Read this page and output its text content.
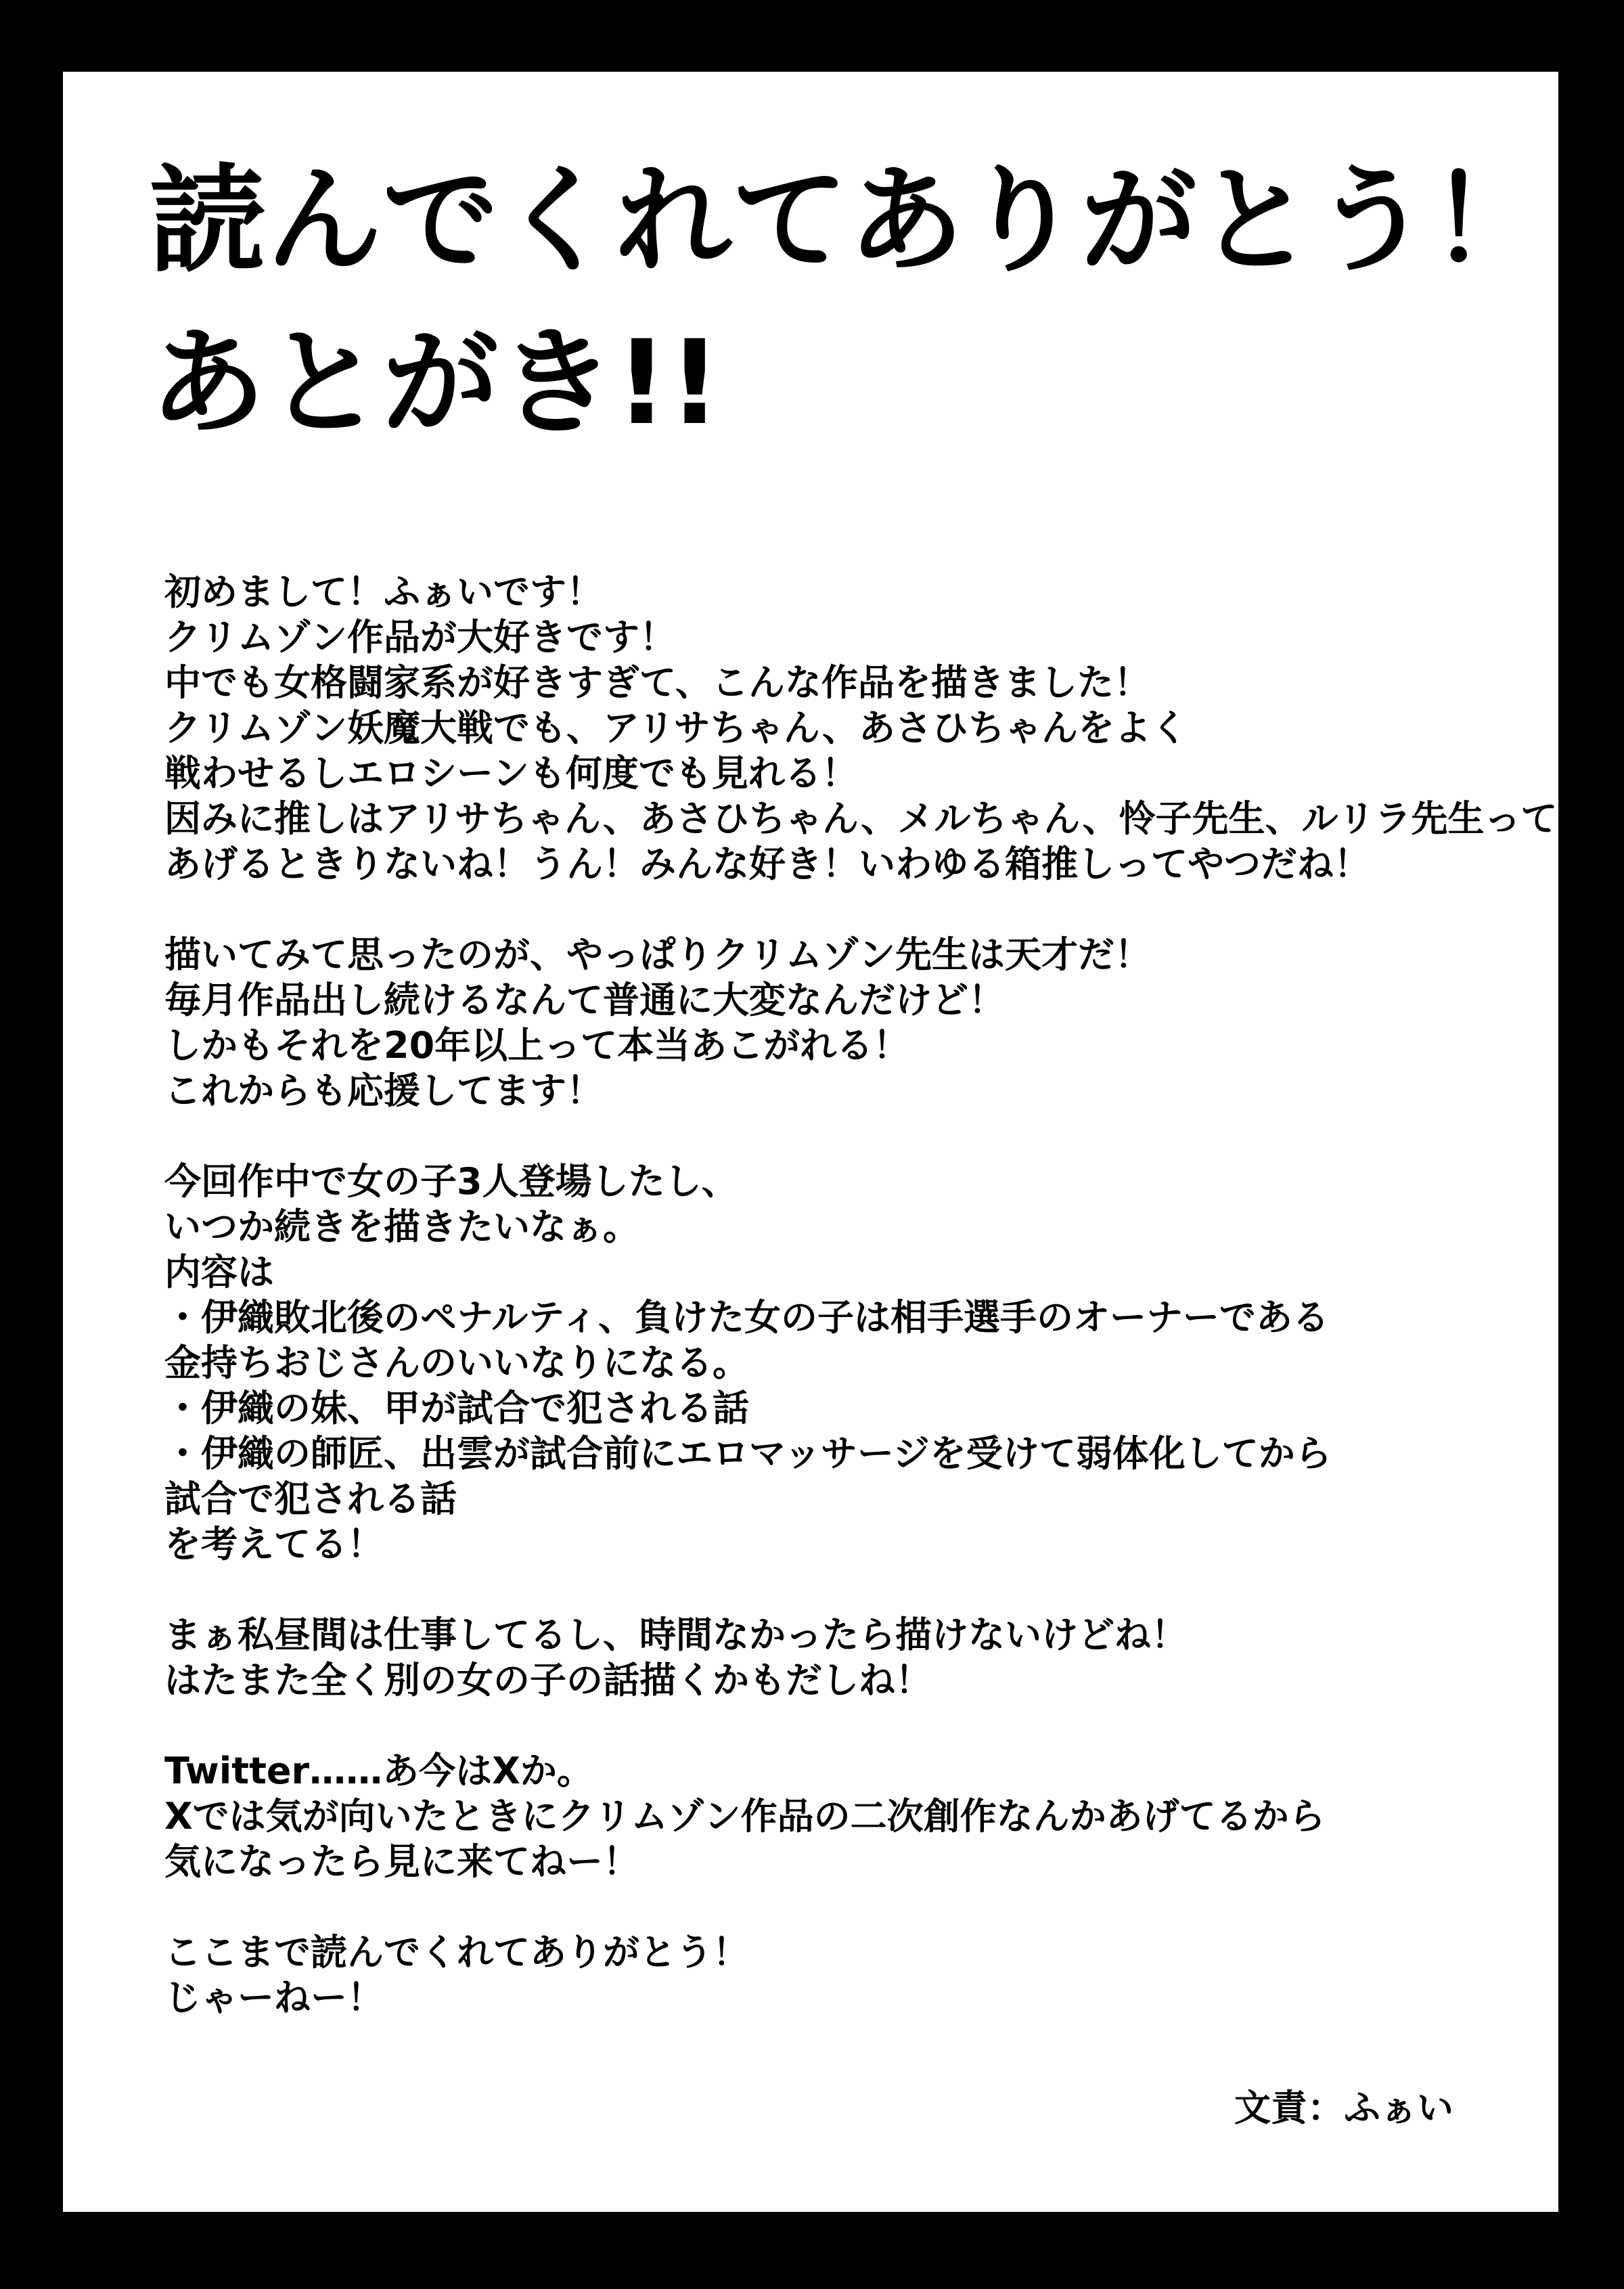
読んでくれてありがとう！
あとがき!!
初めまして！ふぁいです！
クリムゾン作品が大好きです！
中でも女格闘家系が好きすぎて、こんな作品を描きました！
クリムゾン妖魔大戦でも、アリサちゃん、あさひちゃんをよく
戦わせるしエロシーンも何度でも見れる！
因みに推しはアリサちゃん、あさひちゃん、メルちゃん、怜子先生、ルリラ先生って
あげるときりないね！うん！みんな好き！いわゆる箱推しってやつだね！
描いてみて思ったのが、やっぱりクリムゾン先生は天才だ！
毎月作品出し続けるなんて普通に大変なんだけど！
しかもそれを20年以上って本当あこがれる！
これからも応援してます！
今回作中で女の子3人登場したし、
いつか続きを描きたいなぁ。
内容は
・伊織敗北後のペナルティ、負けた女の子は相手選手のオーナーである
金持ちおじさんのいいなりになる。
・伊織の妹、甲が試合で犯される話
・伊織の師匠、出雲が試合前にエロマッサージを受けて弱体化してから
試合で犯される話
を考えてる！
まぁ私昼間は仕事してるし、時間なかったら描けないけどね！
はたまた全く別の女の子の話描くかもだしね！
Twitter……あ今はXか。
Xでは気が向いたときにクリムゾン作品の二次創作なんかあげてるから
気になったら見に来てねー！
ここまで読んでくれてありがとう！
じゃーねー！
文責：ふぁい
